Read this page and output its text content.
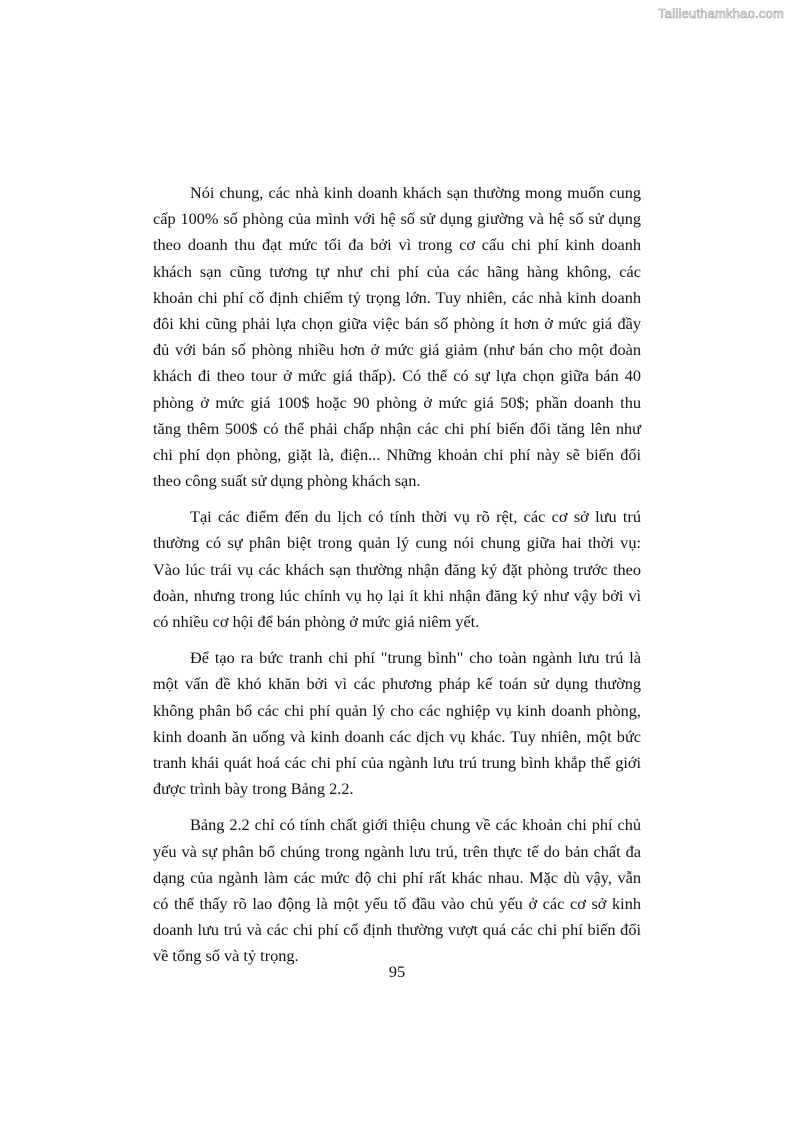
Tailieuthamkhao.com

Nói chung, các nhà kinh doanh khách sạn thường mong muốn cung
cấp 100% số phòng của mình với hệ số sử dụng giường và hệ số sử dụng
theo doanh thu đạt mức tối đa bởi vì trong cơ cấu chi phí kinh doanh
khách sạn cũng tương tự như chi phí của các hãng hàng không, các
khoản chi phí cố định chiếm tỷ trọng lớn. Tuy nhiên, các nhà kinh doanh
đôi khi cũng phải lựa chọn giữa việc bán số phòng ít hơn ở mức giá đầy
đủ với bán số phòng nhiều hơn ở mức giá giảm (như bán cho một đoàn
khách đi theo tour ở mức giá thấp). Có thể có sự lựa chọn giữa bán 40
phòng ở mức giá 100$ hoặc 90 phòng ở mức giá 50$; phần doanh thu
tăng thêm 500$ có thể phải chấp nhận các chi phí biến đổi tăng lên như
chi phí dọn phòng, giặt là, điện... Những khoản chi phí này sẽ biến đổi
theo công suất sử dụng phòng khách sạn.

Tại các điểm đến du lịch có tính thời vụ rõ rệt, các cơ sở lưu trú
thường có sự phân biệt trong quản lý cung nói chung giữa hai thời vụ:
Vào lúc trái vụ các khách sạn thường nhận đăng ký đặt phòng trước theo
đoàn, nhưng trong lúc chính vụ họ lại ít khi nhận đăng ký như vậy bởi vì
có nhiều cơ hội để bán phòng ở mức giá niêm yết.

Để tạo ra bức tranh chi phí "trung bình" cho toàn ngành lưu trú là
một vấn đề khó khăn bởi vì các phương pháp kế toán sử dụng thường
không phân bổ các chi phí quản lý cho các nghiệp vụ kinh doanh phòng,
kinh doanh ăn uống và kinh doanh các dịch vụ khác. Tuy nhiên, một bức
tranh khái quát hoá các chi phí của ngành lưu trú trung bình khắp thế giới
được trình bày trong Bảng 2.2.

Bảng 2.2 chỉ có tính chất giới thiệu chung về các khoản chi phí chủ
yếu và sự phân bổ chúng trong ngành lưu trú, trên thực tế do bản chất đa
dạng của ngành làm các mức độ chi phí rất khác nhau. Mặc dù vậy, vẫn
có thể thấy rõ lao động là một yếu tố đầu vào chủ yếu ở các cơ sở kinh
doanh lưu trú và các chi phí cố định thường vượt quá các chi phí biến đổi
về tổng số và tỷ trọng.

95
